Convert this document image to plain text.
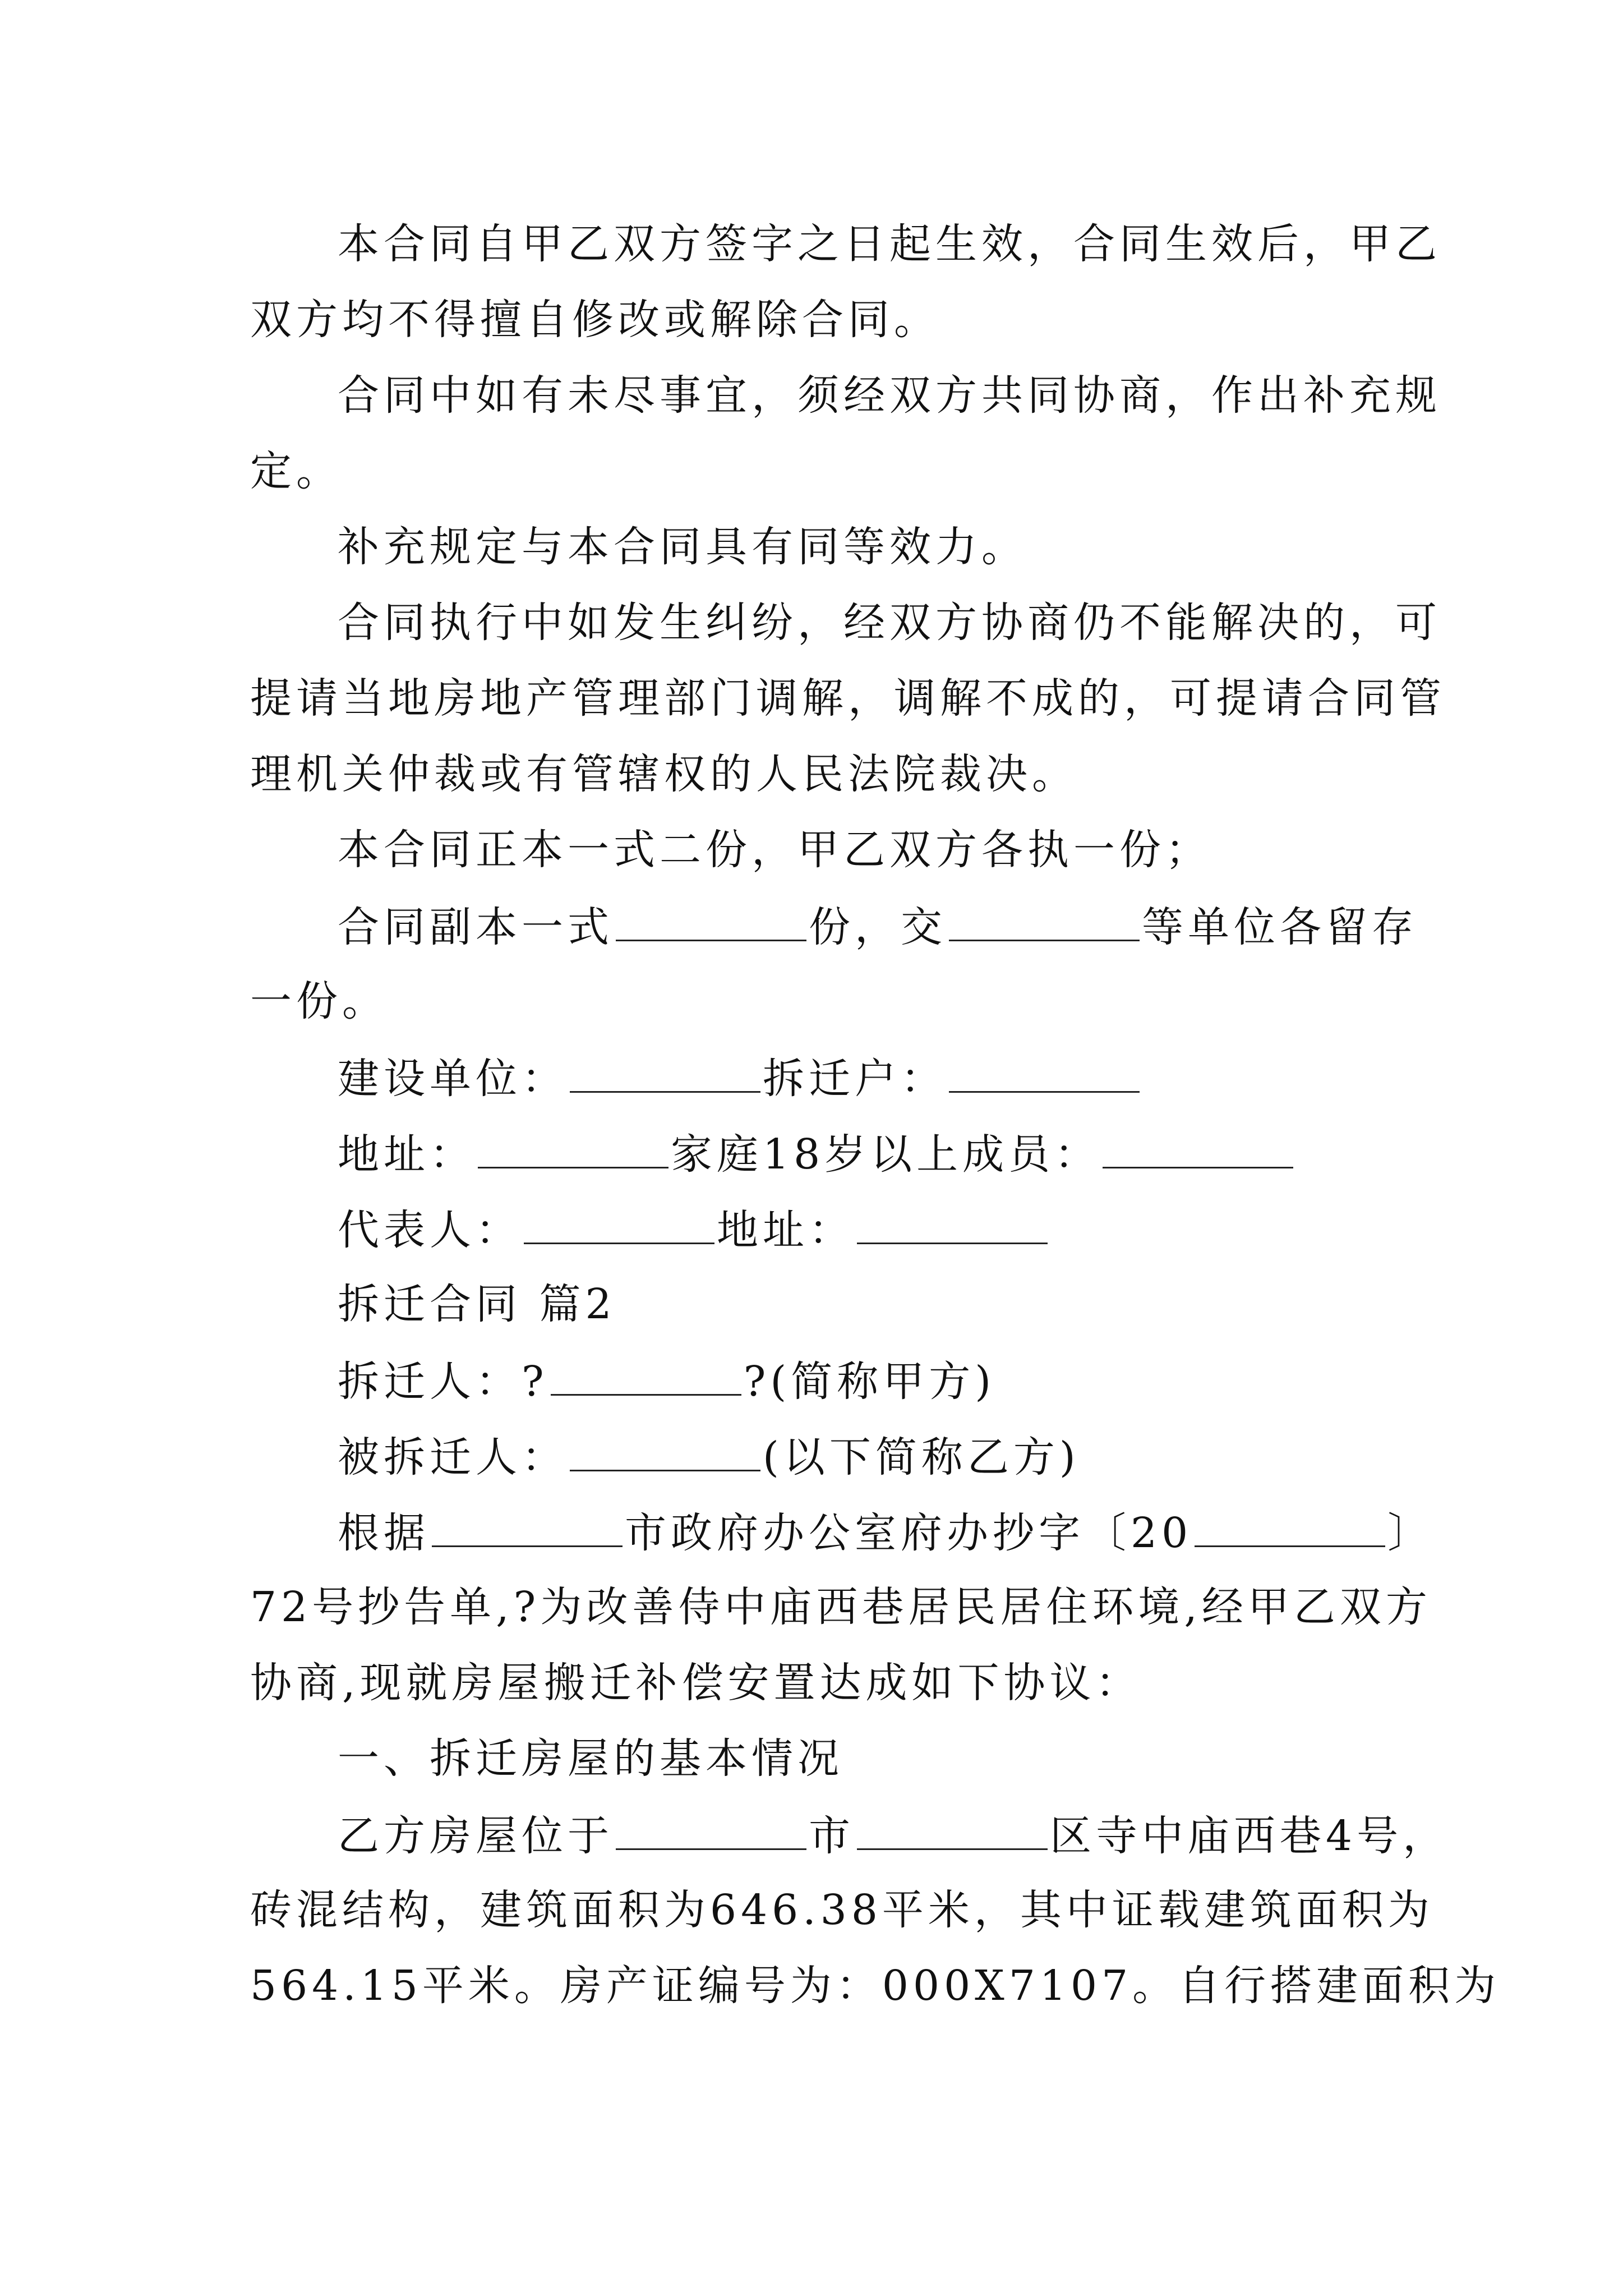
本合同自甲乙双方签字之日起生效，合同生效后，甲乙
双方均不得擅自修改或解除合同。
合同中如有未尽事宜，须经双方共同协商，作出补充规
定。
补充规定与本合同具有同等效力。
合同执行中如发生纠纷，经双方协商仍不能解决的，可
提请当地房地产管理部门调解，调解不成的，可提请合同管
理机关仲裁或有管辖权的人民法院裁决。
本合同正本一式二份，甲乙双方各执一份；
合同副本一式	份，交	等单位各留存
一份。
建设单位：	拆迁户：
地址：	家庭18岁以上成员：
代表人：	地址：
拆迁合同 篇2
拆迁人：?	?(简称甲方)
被拆迁人：	(以下简称乙方)
根据	市政府办公室府办抄字〔20	〕
72号抄告单,?为改善侍中庙西巷居民居住环境,经甲乙双方
协商,现就房屋搬迁补偿安置达成如下协议：
一、拆迁房屋的基本情况
乙方房屋位于	市	区寺中庙西巷4号，
砖混结构，建筑面积为646.38平米，其中证载建筑面积为
564.15平米。房产证编号为：000X7107。自行搭建面积为
